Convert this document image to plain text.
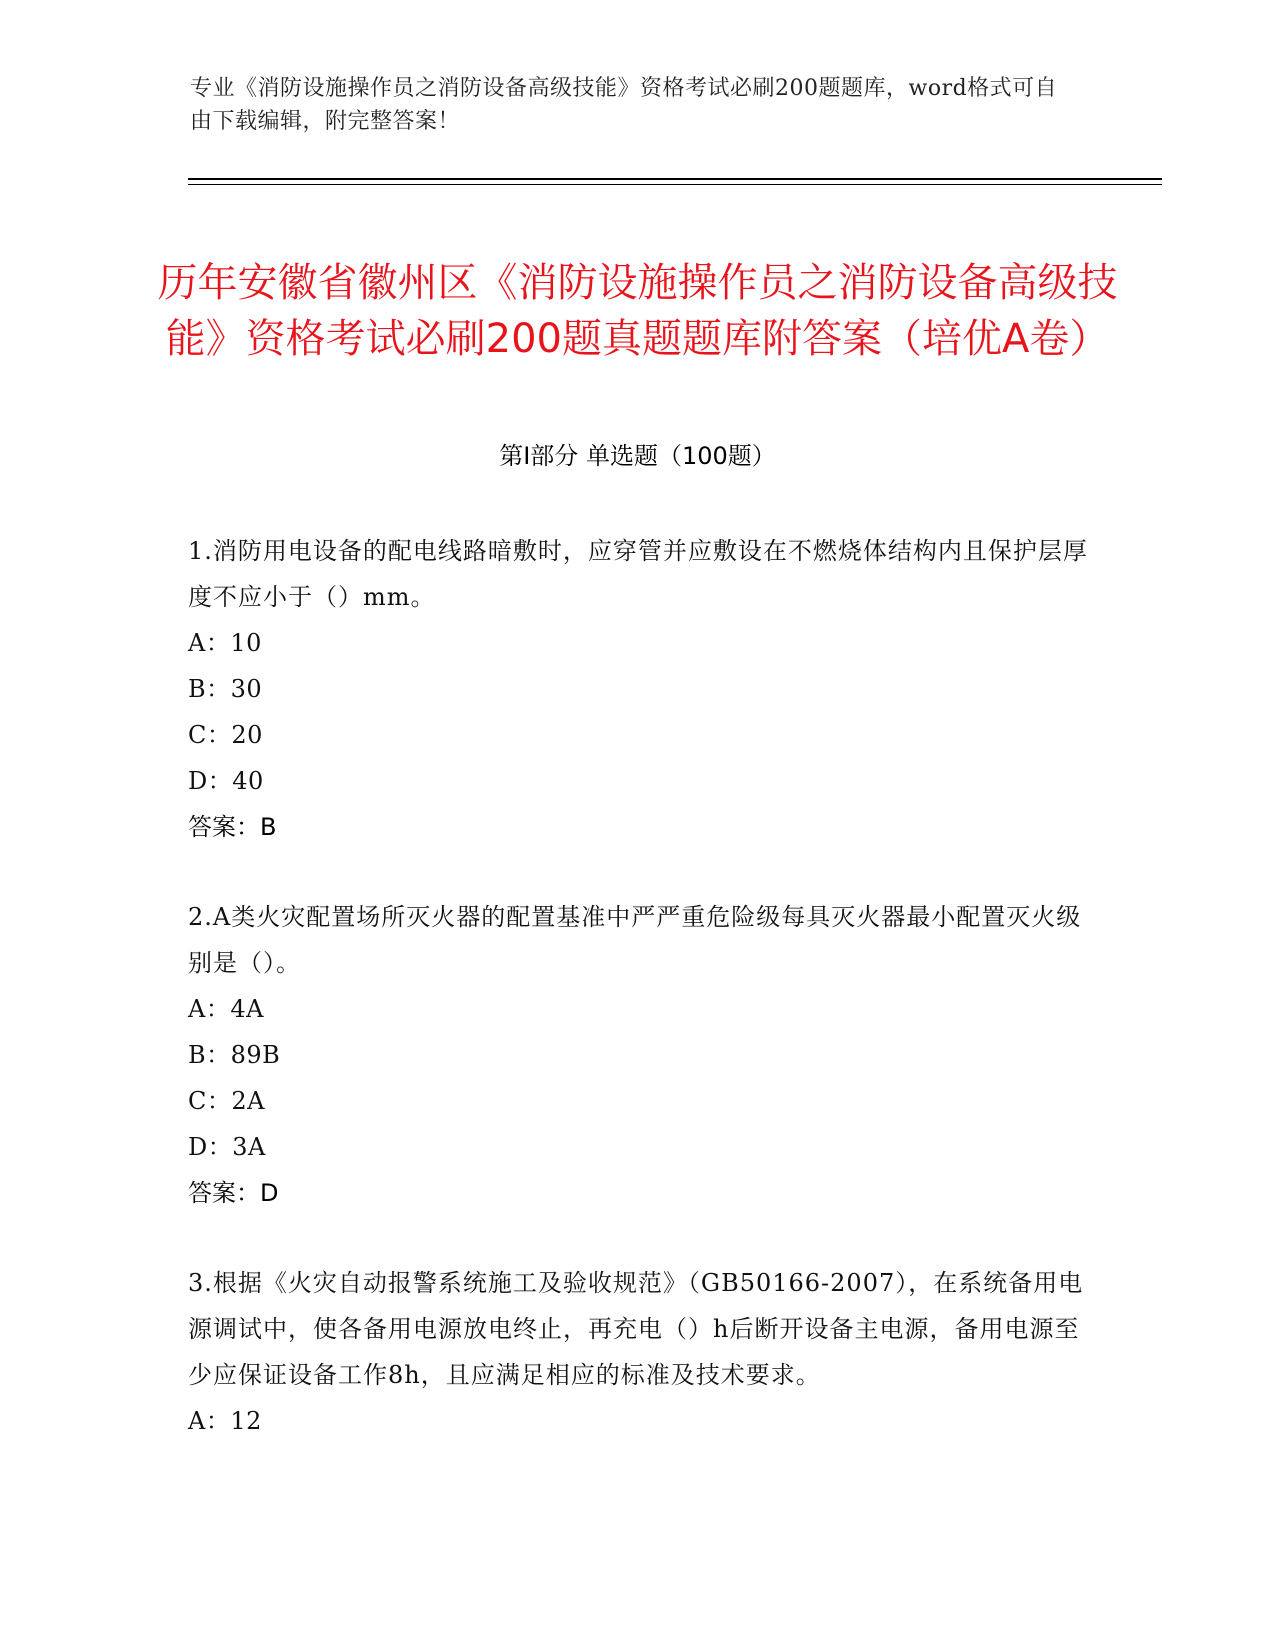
专业《消防设施操作员之消防设备高级技能》资格考试必刷200题题库，word格式可自由下载编辑，附完整答案！
历年安徽省徽州区《消防设施操作员之消防设备高级技能》资格考试必刷200题真题题库附答案（培优A卷）
第I部分 单选题（100题）
1.消防用电设备的配电线路暗敷时，应穿管并应敷设在不燃烧体结构内且保护层厚度不应小于（）mm。
A：10
B：30
C：20
D：40
答案：B
2.A类火灾配置场所灭火器的配置基准中严严重危险级每具灭火器最小配置灭火级别是（）。
A：4A
B：89B
C：2A
D：3A
答案：D
3.根据《火灾自动报警系统施工及验收规范》（GB50166-2007），在系统备用电源调试中，使各备用电源放电终止，再充电（）h后断开设备主电源，备用电源至少应保证设备工作8h，且应满足相应的标准及技术要求。
A：12
